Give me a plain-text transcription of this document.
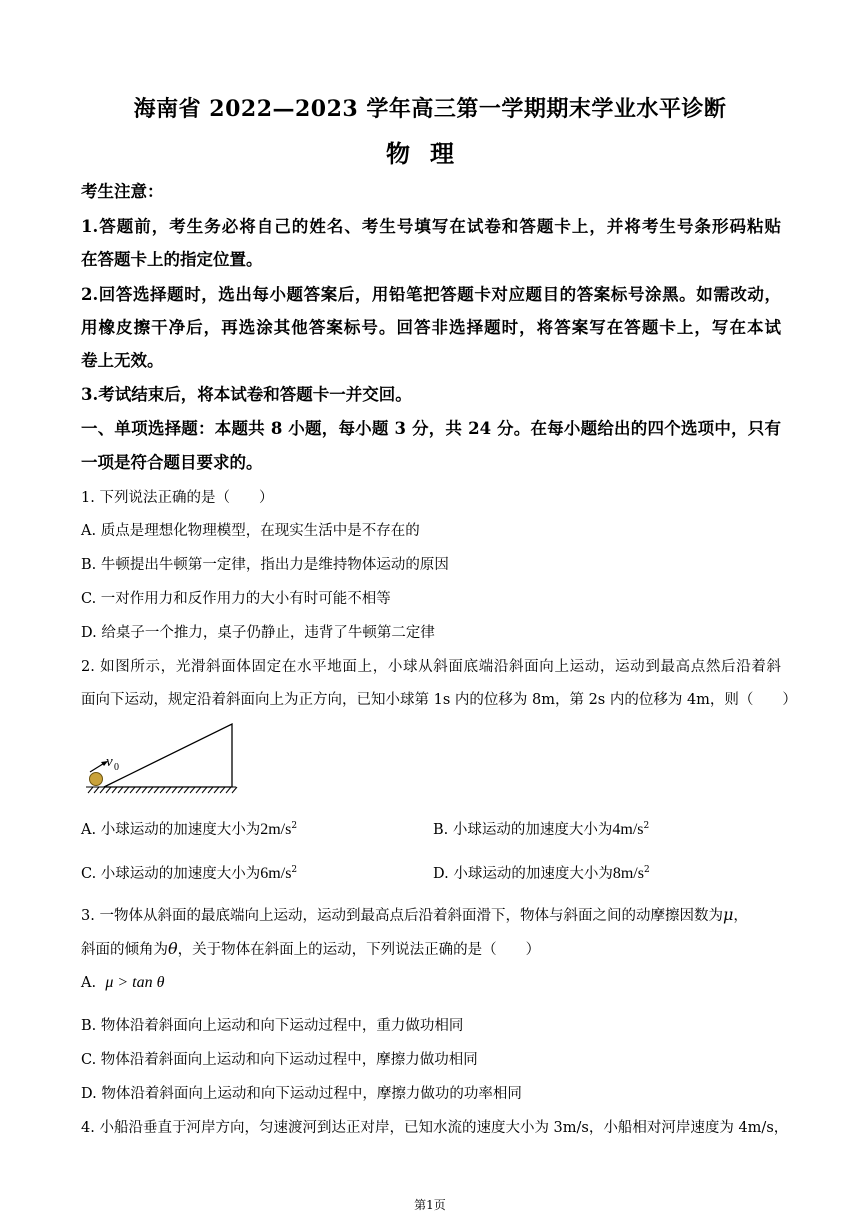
海南省 2022—2023 学年高三第一学期期末学业水平诊断
物理
考生注意：
1.答题前，考生务必将自己的姓名、考生号填写在试卷和答题卡上，并将考生号条形码粘贴
在答题卡上的指定位置。
2.回答选择题时，选出每小题答案后，用铅笔把答题卡对应题目的答案标号涂黑。如需改动，
用橡皮擦干净后，再选涂其他答案标号。回答非选择题时，将答案写在答题卡上，写在本试
卷上无效。
3.考试结束后，将本试卷和答题卡一并交回。
一、单项选择题：本题共 8 小题，每小题 3 分，共 24 分。在每小题给出的四个选项中，只有
一项是符合题目要求的。
1. 下列说法正确的是（　　）
A. 质点是理想化物理模型，在现实生活中是不存在的
B. 牛顿提出牛顿第一定律，指出力是维持物体运动的原因
C. 一对作用力和反作用力的大小有时可能不相等
D. 给桌子一个推力，桌子仍静止，违背了牛顿第二定律
2. 如图所示，光滑斜面体固定在水平地面上，小球从斜面底端沿斜面向上运动，运动到最高点然后沿着斜
面向下运动，规定沿着斜面向上为正方向，已知小球第 1s 内的位移为 8m，第 2s 内的位移为 4m，则（　　）
v 0
A. 小球运动的加速度大小为$2m/s^2$	B. 小球运动的加速度大小为$4m/s^2$
C. 小球运动的加速度大小为$6m/s^2$	D. 小球运动的加速度大小为$8m/s^2$
3. 一物体从斜面的最底端向上运动，运动到最高点后沿着斜面滑下，物体与斜面之间的动摩擦因数为μ，
斜面的倾角为θ，关于物体在斜面上的运动，下列说法正确的是（　　）
A. μ > tan θ
B. 物体沿着斜面向上运动和向下运动过程中，重力做功相同
C. 物体沿着斜面向上运动和向下运动过程中，摩擦力做功相同
D. 物体沿着斜面向上运动和向下运动过程中，摩擦力做功的功率相同
4. 小船沿垂直于河岸方向，匀速渡河到达正对岸，已知水流的速度大小为 3m/s，小船相对河岸速度为 4m/s，
第1页
